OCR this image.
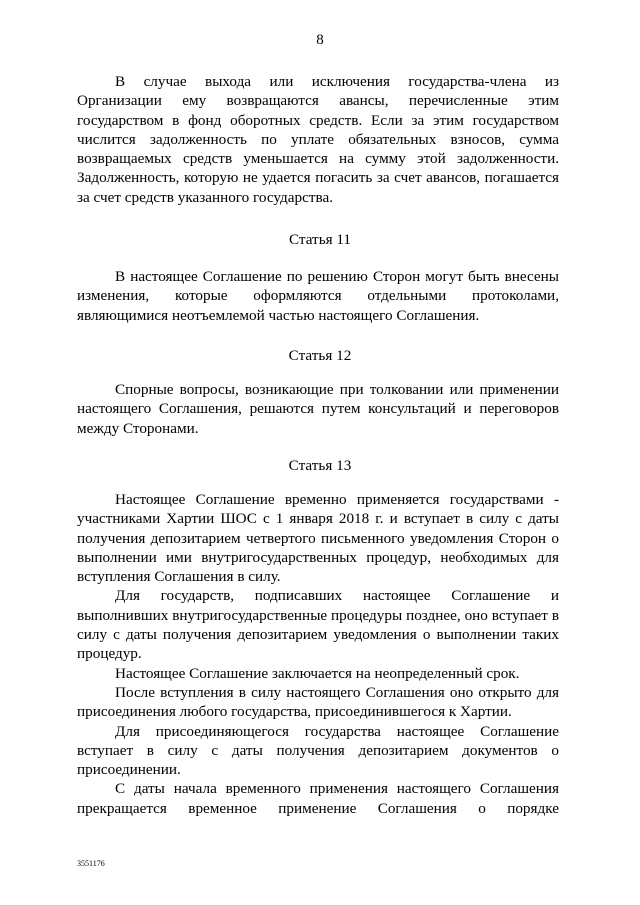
8

В случае выхода или исключения государства-члена из Организации ему возвращаются авансы, перечисленные этим государством в фонд оборотных средств. Если за этим государством числится задолженность по уплате обязательных взносов, сумма возвращаемых средств уменьшается на сумму этой задолженности. Задолженность, которую не удается погасить за счет авансов, погашается за счет средств указанного государства.

Статья 11

В настоящее Соглашение по решению Сторон могут быть внесены изменения, которые оформляются отдельными протоколами, являющимися неотъемлемой частью настоящего Соглашения.

Статья 12

Спорные вопросы, возникающие при толковании или применении настоящего Соглашения, решаются путем консультаций и переговоров между Сторонами.

Статья 13

Настоящее Соглашение временно применяется государствами - участниками Хартии ШОС с 1 января 2018 г. и вступает в силу с даты получения депозитарием четвертого письменного уведомления Сторон о выполнении ими внутригосударственных процедур, необходимых для вступления Соглашения в силу.

Для государств, подписавших настоящее Соглашение и выполнивших внутригосударственные процедуры позднее, оно вступает в силу с даты получения депозитарием уведомления о выполнении таких процедур.

Настоящее Соглашение заключается на неопределенный срок.

После вступления в силу настоящего Соглашения оно открыто для присоединения любого государства, присоединившегося к Хартии.

Для присоединяющегося государства настоящее Соглашение вступает в силу с даты получения депозитарием документов о присоединении.

С даты начала временного применения настоящего Соглашения прекращается временное применение Соглашения о порядке

3551176
